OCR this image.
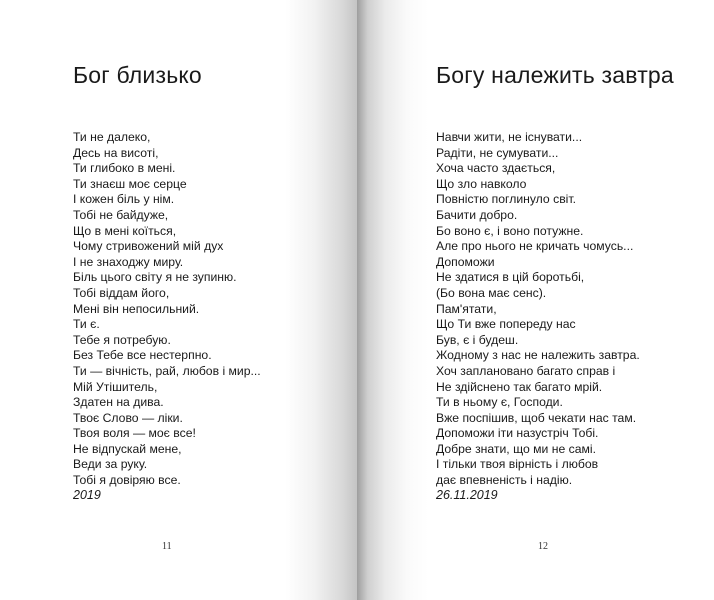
Бог близько
Ти не далеко,
Десь на висоті,
Ти глибоко в мені.
Ти знаєш моє серце
І кожен біль у нім.
Тобі не байдуже,
Що в мені коїться,
Чому стривожений мій дух
І не знаходжу миру.
Біль цього світу я не зупиню.
Тобі віддам його,
Мені він непосильний.
Ти є.
Тебе я потребую.
Без Тебе все нестерпно.
Ти — вічність, рай, любов і мир...
Мій Утішитель,
Здатен на дива.
Твоє Слово — ліки.
Твоя воля — моє все!
Не відпускай мене,
Веди за руку.
Тобі я довіряю все.
2019
11
Богу належить завтра
Навчи жити, не існувати...
Радіти, не сумувати...
Хоча часто здається,
Що зло навколо
Повністю поглинуло світ.
Бачити добро.
Бо воно є, і воно потужне.
Але про нього не кричать чомусь...
Допоможи
Не здатися в цій боротьбі,
(Бо вона має сенс).
Пам'ятати,
Що Ти вже попереду нас
Був, є і будеш.
Жодному з нас не належить завтра.
Хоч заплановано багато справ і
Не здійснено так багато мрій.
Ти в ньому є, Господи.
Вже поспішив, щоб чекати нас там.
Допоможи іти назустріч Тобі.
Добре знати, що ми не самі.
І тільки твоя вірність і любов
дає впевненість і надію.
26.11.2019
12
